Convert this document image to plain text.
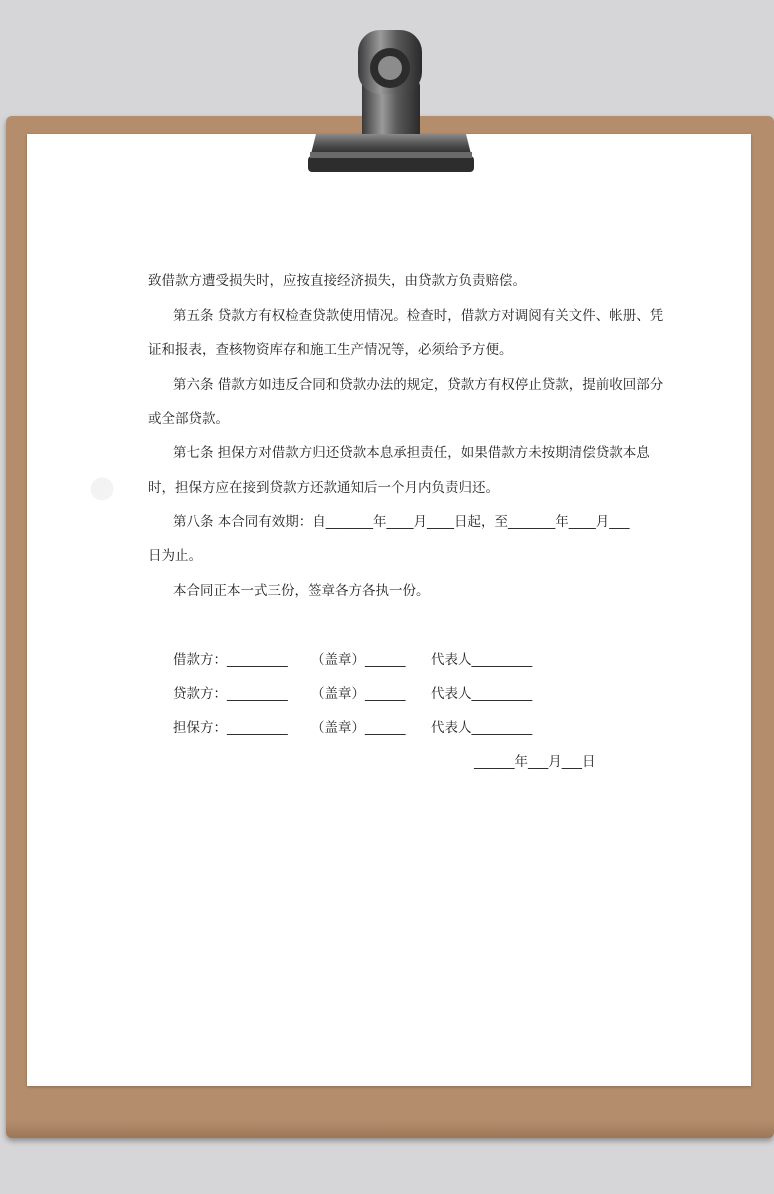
致借款方遭受损失时，应按直接经济损失，由贷款方负责赔偿。
第五条 贷款方有权检查贷款使用情况。检查时，借款方对调阅有关文件、帐册、凭
证和报表，查核物资库存和施工生产情况等，必须给予方便。
第六条 借款方如违反合同和贷款办法的规定，贷款方有权停止贷款，提前收回部分
或全部贷款。
第七条 担保方对借款方归还贷款本息承担责任，如果借款方未按期清偿贷款本息
时，担保方应在接到贷款方还款通知后一个月内负责归还。
第八条 本合同有效期：自_______年____月____日起，至_______年____月___
日为止。
本合同正本一式三份，签章各方各执一份。
借款方：_________ （盖章）______ 代表人_________
贷款方：_________ （盖章）______ 代表人_________
担保方：_________ （盖章）______ 代表人_________
______年___月___日
